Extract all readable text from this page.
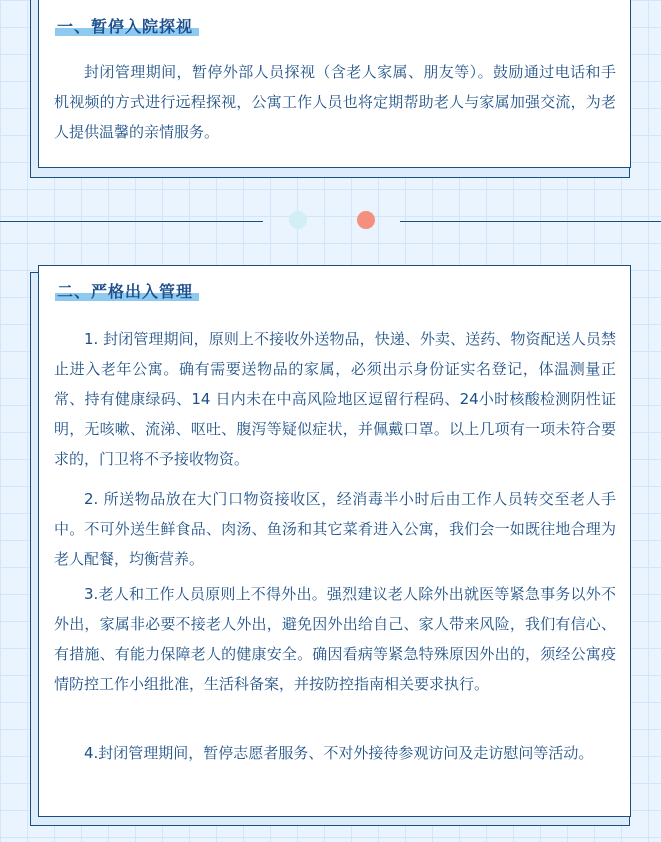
一、暂停入院探视

封闭管理期间，暂停外部人员探视（含老人家属、朋友等）。鼓励通过电话和手机视频的方式进行远程探视，公寓工作人员也将定期帮助老人与家属加强交流，为老人提供温馨的亲情服务。

二、严格出入管理

1. 封闭管理期间，原则上不接收外送物品，快递、外卖、送药、物资配送人员禁止进入老年公寓。确有需要送物品的家属，必须出示身份证实名登记，体温测量正常、持有健康绿码、14 日内未在中高风险地区逗留行程码、24小时核酸检测阴性证明，无咳嗽、流涕、呕吐、腹泻等疑似症状，并佩戴口罩。以上几项有一项未符合要求的，门卫将不予接收物资。

2. 所送物品放在大门口物资接收区，经消毒半小时后由工作人员转交至老人手中。不可外送生鲜食品、肉汤、鱼汤和其它菜肴进入公寓，我们会一如既往地合理为老人配餐，均衡营养。

3.老人和工作人员原则上不得外出。强烈建议老人除外出就医等紧急事务以外不外出，家属非必要不接老人外出，避免因外出给自己、家人带来风险，我们有信心、有措施、有能力保障老人的健康安全。确因看病等紧急特殊原因外出的，须经公寓疫情防控工作小组批准，生活科备案，并按防控指南相关要求执行。

4.封闭管理期间，暂停志愿者服务、不对外接待参观访问及走访慰问等活动。
